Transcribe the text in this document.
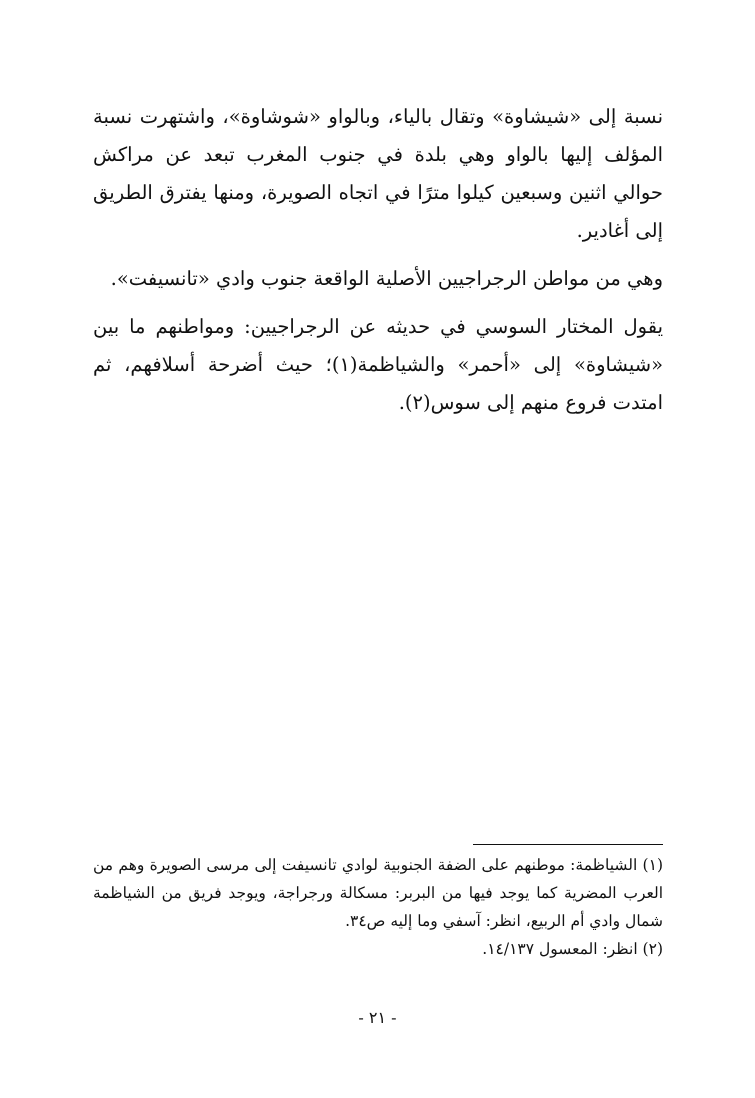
نسبة إلى «شيشاوة» وتقال بالياء، وبالواو «شوشاوة»، واشتهرت نسبة المؤلف إليها بالواو وهي بلدة في جنوب المغرب تبعد عن مراكش حوالي اثنين وسبعين كيلوا مترًا في اتجاه الصويرة، ومنها يفترق الطريق إلى أغادير.

وهي من مواطن الرجراجيين الأصلية الواقعة جنوب وادي «تانسيفت».

يقول المختار السوسي في حديثه عن الرجراجيين: ومواطنهم ما بين «شيشاوة» إلى «أحمر» والشياظمة(١)؛ حيث أضرحة أسلافهم، ثم امتدت فروع منهم إلى سوس(٢).

(١) الشياظمة: موطنهم على الضفة الجنوبية لوادي تانسيفت إلى مرسى الصويرة وهم من العرب المضرية كما يوجد فيها من البربر: مسكالة ورجراجة، ويوجد فريق من الشياظمة شمال وادي أم الربيع، انظر: آسفي وما إليه ص٣٤.

(٢) انظر: المعسول ١٤/١٣٧.

- ٢١ -
